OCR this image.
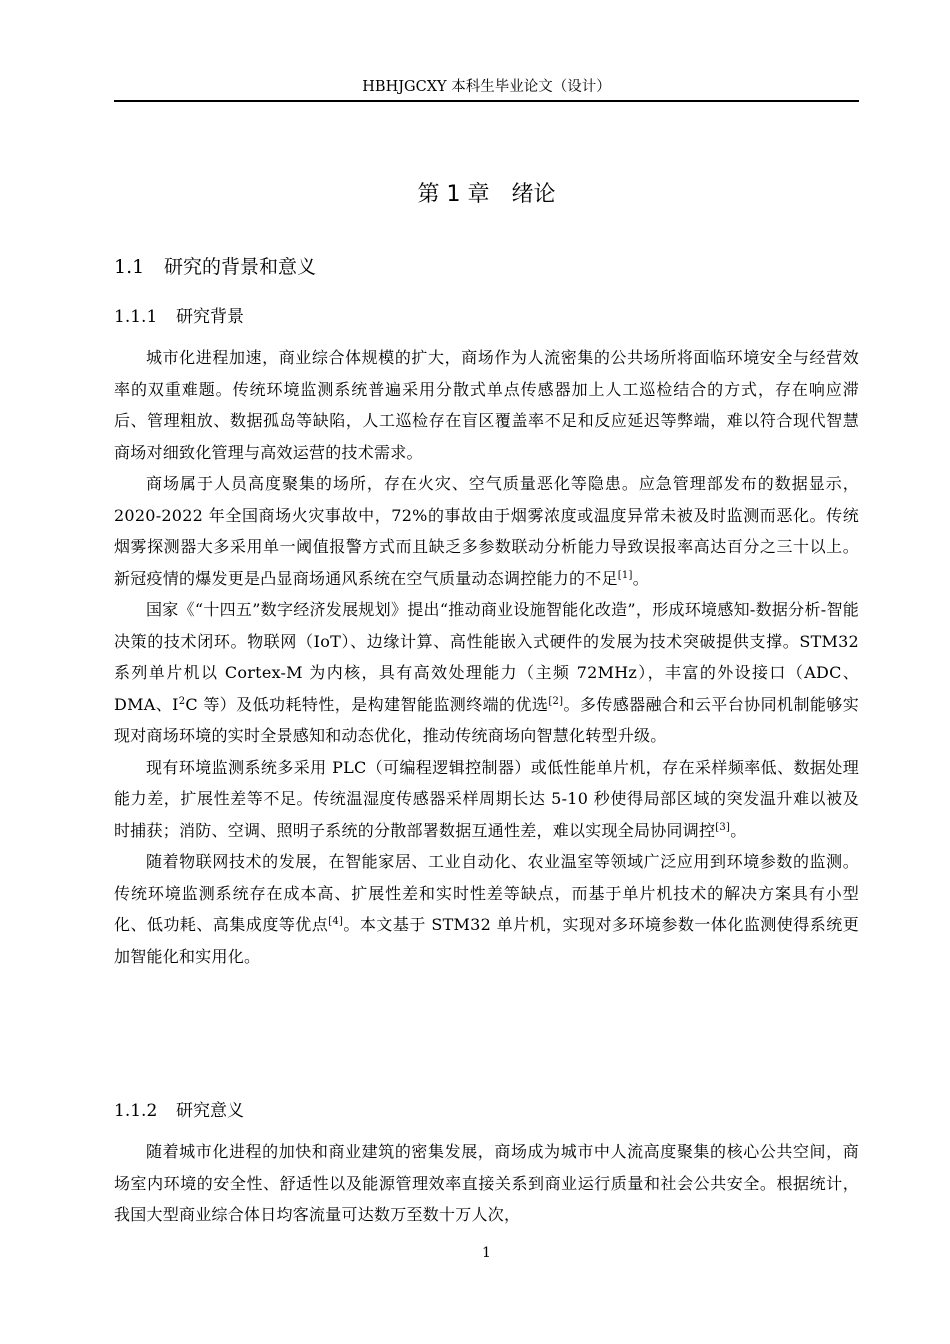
HBHJGCXY 本科生毕业论文（设计）
第 1 章 绪论
1.1 研究的背景和意义
1.1.1 研究背景

城市化进程加速，商业综合体规模的扩大，商场作为人流密集的公共场所将面临环境安全与经营效率的双重难题。传统环境监测系统普遍采用分散式单点传感器加上人工巡检结合的方式，存在响应滞后、管理粗放、数据孤岛等缺陷，人工巡检存在盲区覆盖率不足和反应延迟等弊端，难以符合现代智慧商场对细致化管理与高效运营的技术需求。

商场属于人员高度聚集的场所，存在火灾、空气质量恶化等隐患。应急管理部发布的数据显示，2020-2022 年全国商场火灾事故中，72%的事故由于烟雾浓度或温度异常未被及时监测而恶化。传统烟雾探测器大多采用单一阈值报警方式而且缺乏多参数联动分析能力导致误报率高达百分之三十以上。新冠疫情的爆发更是凸显商场通风系统在空气质量动态调控能力的不足[1]。

国家《“十四五”数字经济发展规划》提出“推动商业设施智能化改造”，形成环境感知-数据分析-智能决策的技术闭环。物联网（IoT）、边缘计算、高性能嵌入式硬件的发展为技术突破提供支撑。STM32 系列单片机以 Cortex-M 为内核，具有高效处理能力（主频 72MHz），丰富的外设接口（ADC、DMA、$I^2C$ 等）及低功耗特性，是构建智能监测终端的优选[2]。多传感器融合和云平台协同机制能够实现对商场环境的实时全景感知和动态优化，推动传统商场向智慧化转型升级。

现有环境监测系统多采用 PLC（可编程逻辑控制器）或低性能单片机，存在采样频率低、数据处理能力差，扩展性差等不足。传统温湿度传感器采样周期长达 5-10 秒使得局部区域的突发温升难以被及时捕获；消防、空调、照明子系统的分散部署数据互通性差，难以实现全局协同调控[3]。

随着物联网技术的发展，在智能家居、工业自动化、农业温室等领域广泛应用到环境参数的监测。传统环境监测系统存在成本高、扩展性差和实时性差等缺点，而基于单片机技术的解决方案具有小型化、低功耗、高集成度等优点[4]。本文基于 STM32 单片机，实现对多环境参数一体化监测使得系统更加智能化和实用化。

1.1.2 研究意义

随着城市化进程的加快和商业建筑的密集发展，商场成为城市中人流高度聚集的核心公共空间，商场室内环境的安全性、舒适性以及能源管理效率直接关系到商业运行质量和社会公共安全。根据统计，我国大型商业综合体日均客流量可达数万至数十万人次，

1
